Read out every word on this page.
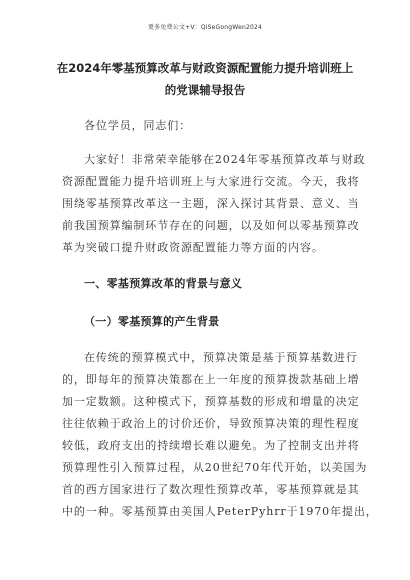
更多免费公文+V：QiSeGongWen2024
在2024年零基预算改革与财政资源配置能力提升培训班上
的党课辅导报告
各位学员，同志们：
大家好！非常荣幸能够在2024年零基预算改革与财政
资源配置能力提升培训班上与大家进行交流。今天，我将
围绕零基预算改革这一主题，深入探讨其背景、意义、当
前我国预算编制环节存在的问题，以及如何以零基预算改
革为突破口提升财政资源配置能力等方面的内容。
一、零基预算改革的背景与意义
（一）零基预算的产生背景
在传统的预算模式中，预算决策是基于预算基数进行
的，即每年的预算决策都在上一年度的预算拨款基础上增
加一定数额。这种模式下，预算基数的形成和增量的决定
往往依赖于政治上的讨价还价，导致预算决策的理性程度
较低，政府支出的持续增长难以避免。为了控制支出并将
预算理性引入预算过程，从20世纪70年代开始，以美国为
首的西方国家进行了数次理性预算改革，零基预算就是其
中的一种。零基预算由美国人PeterPyhrr于1970年提出，
